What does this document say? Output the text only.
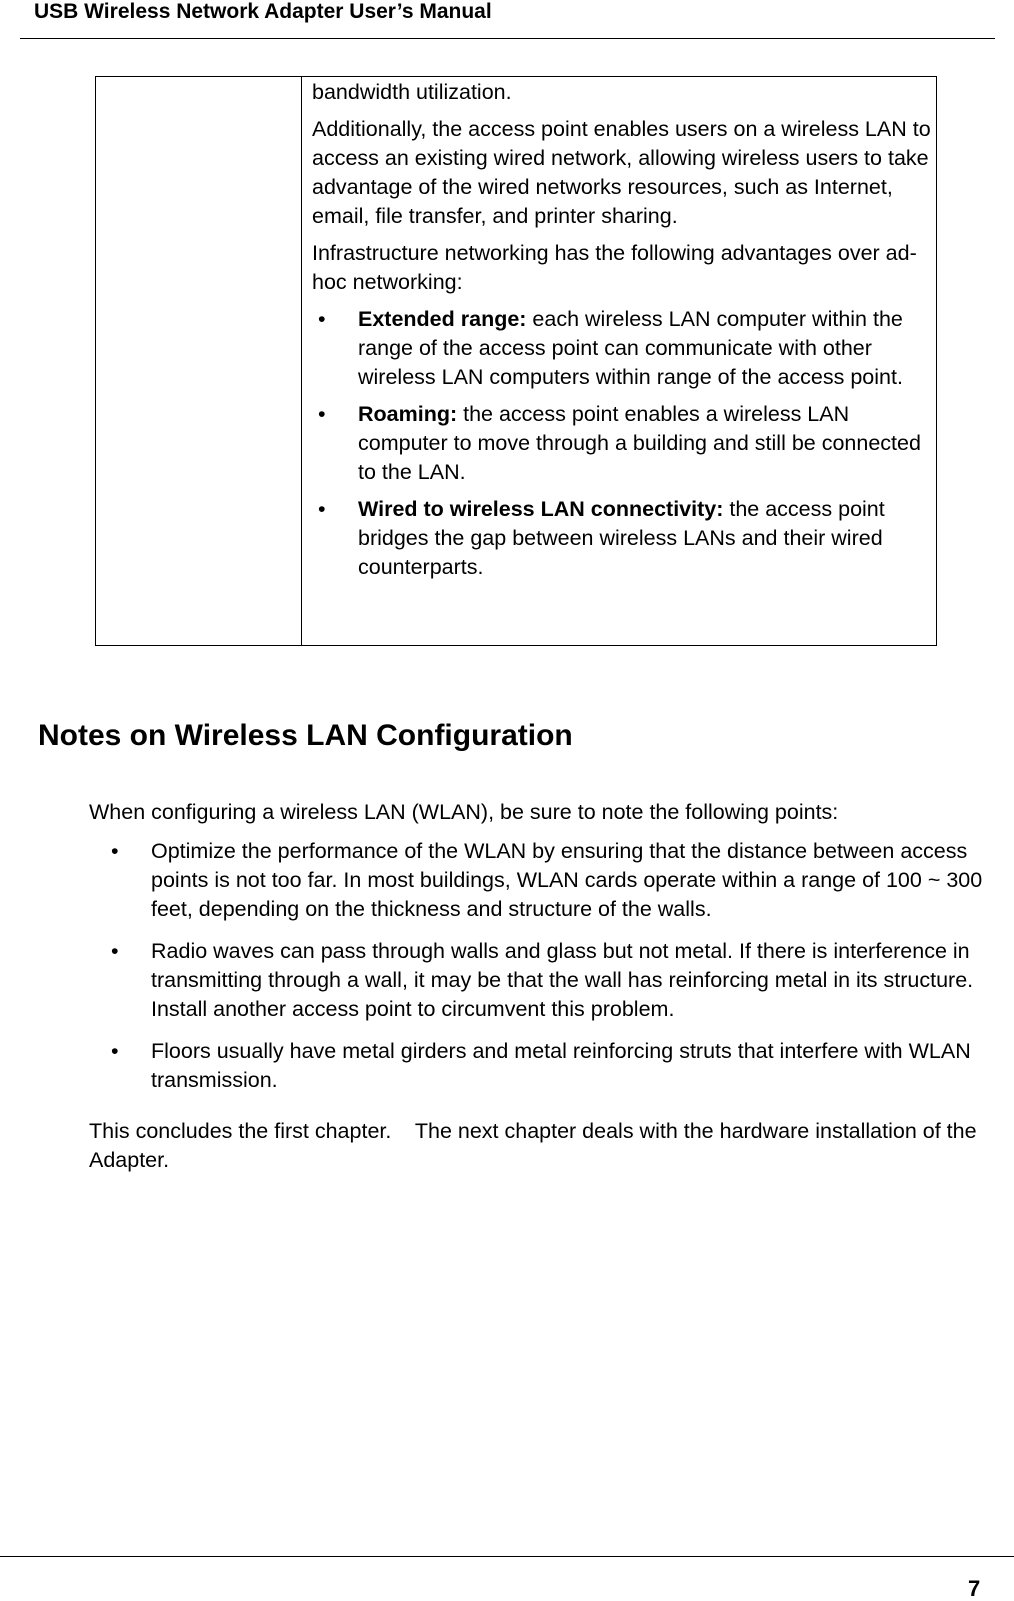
USB Wireless Network Adapter User’s Manual

bandwidth utilization.

Additionally, the access point enables users on a wireless LAN to access an existing wired network, allowing wireless users to take advantage of the wired networks resources, such as Internet, email, file transfer, and printer sharing.

Infrastructure networking has the following advantages over ad-hoc networking:

• Extended range: each wireless LAN computer within the range of the access point can communicate with other wireless LAN computers within range of the access point.
• Roaming: the access point enables a wireless LAN computer to move through a building and still be connected to the LAN.
• Wired to wireless LAN connectivity: the access point bridges the gap between wireless LANs and their wired counterparts.
Notes on Wireless LAN Configuration

When configuring a wireless LAN (WLAN), be sure to note the following points:

• Optimize the performance of the WLAN by ensuring that the distance between access points is not too far. In most buildings, WLAN cards operate within a range of 100 ~ 300 feet, depending on the thickness and structure of the walls.
• Radio waves can pass through walls and glass but not metal. If there is interference in transmitting through a wall, it may be that the wall has reinforcing metal in its structure. Install another access point to circumvent this problem.
• Floors usually have metal girders and metal reinforcing struts that interfere with WLAN transmission.

This concludes the first chapter.    The next chapter deals with the hardware installation of the Adapter.

7
